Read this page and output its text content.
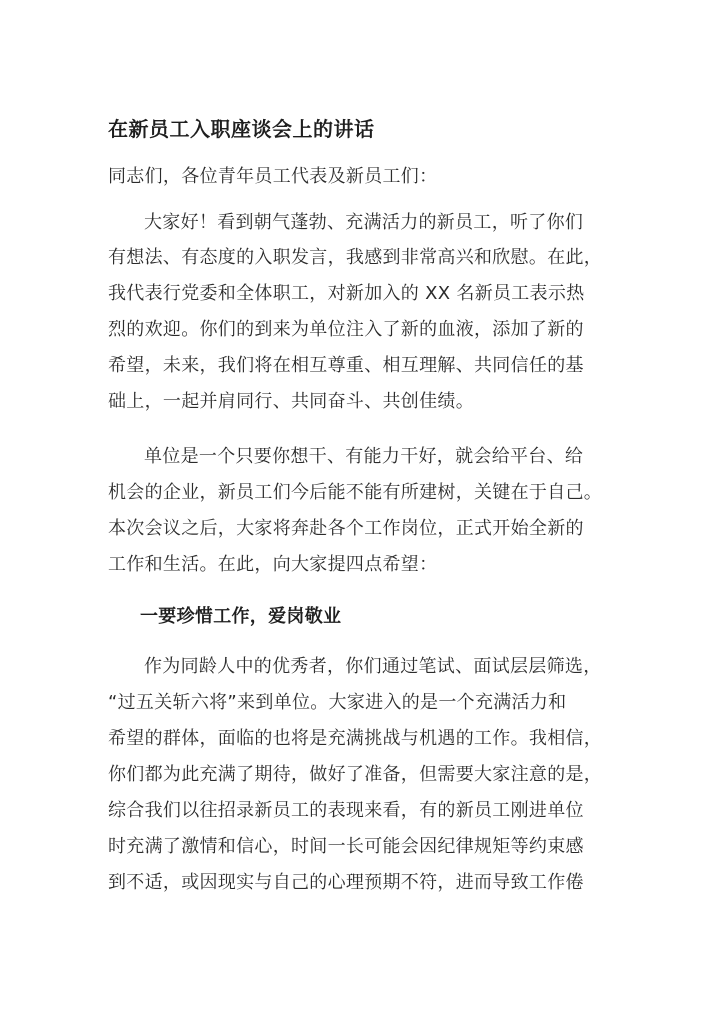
在新员工入职座谈会上的讲话
同志们，各位青年员工代表及新员工们：
大家好！看到朝气蓬勃、充满活力的新员工，听了你们
有想法、有态度的入职发言，我感到非常高兴和欣慰。在此，
我代表行党委和全体职工，对新加入的 XX 名新员工表示热
烈的欢迎。你们的到来为单位注入了新的血液，添加了新的
希望，未来，我们将在相互尊重、相互理解、共同信任的基
础上，一起并肩同行、共同奋斗、共创佳绩。
单位是一个只要你想干、有能力干好，就会给平台、给
机会的企业，新员工们今后能不能有所建树，关键在于自己。
本次会议之后，大家将奔赴各个工作岗位，正式开始全新的
工作和生活。在此，向大家提四点希望：
一要珍惜工作，爱岗敬业
作为同龄人中的优秀者，你们通过笔试、面试层层筛选，
“过五关斩六将”来到单位。大家进入的是一个充满活力和
希望的群体，面临的也将是充满挑战与机遇的工作。我相信，
你们都为此充满了期待，做好了准备，但需要大家注意的是，
综合我们以往招录新员工的表现来看，有的新员工刚进单位
时充满了激情和信心，时间一长可能会因纪律规矩等约束感
到不适，或因现实与自己的心理预期不符，进而导致工作倦
